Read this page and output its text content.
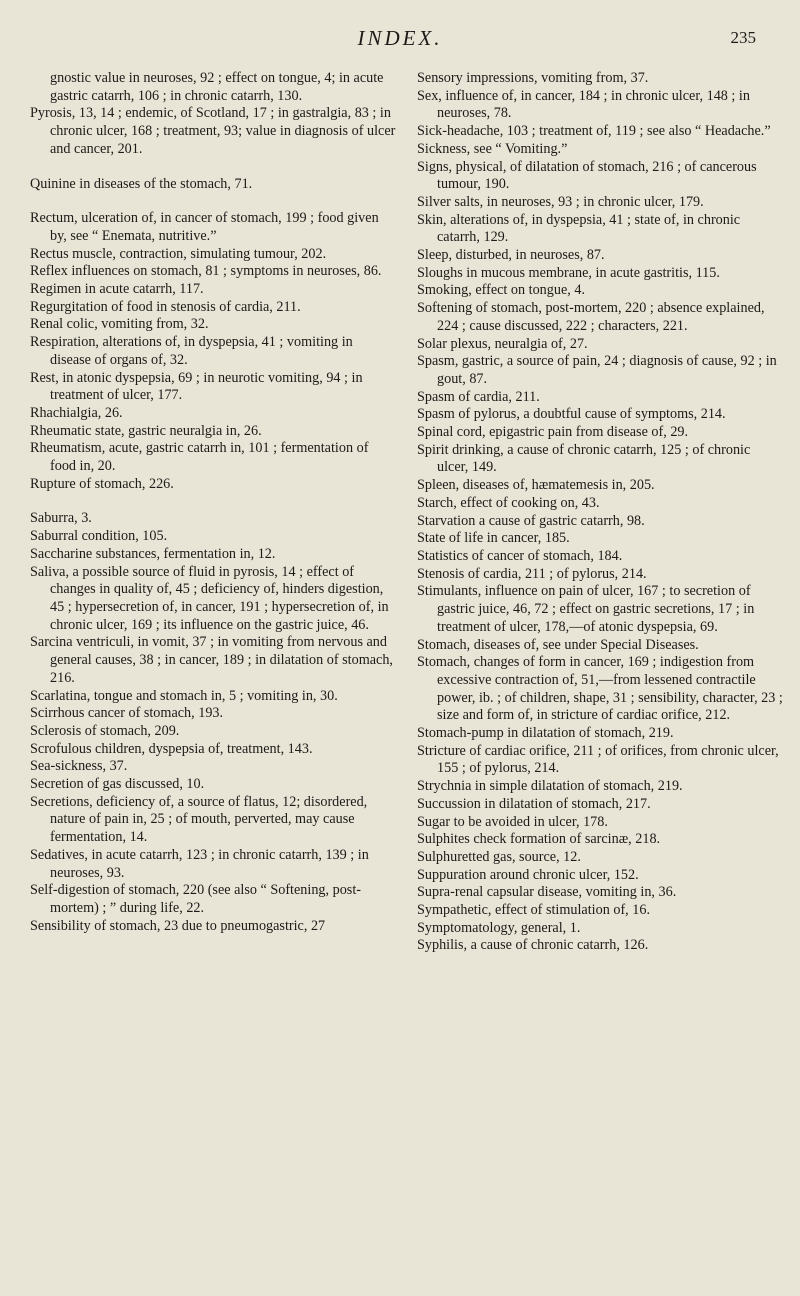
INDEX.	235

gnostic value in neuroses, 92 ; effect on tongue, 4; in acute gastric catarrh, 106 ; in chronic catarrh, 130.

Pyrosis, 13, 14 ; endemic, of Scotland, 17 ; in gastralgia, 83 ; in chronic ulcer, 168 ; treatment, 93; value in diagnosis of ulcer and cancer, 201.

Quinine in diseases of the stomach, 71.

Rectum, ulceration of, in cancer of stomach, 199 ; food given by, see “ Enemata, nutritive.”

Rectus muscle, contraction, simulating tumour, 202.

Reflex influences on stomach, 81 ; symptoms in neuroses, 86.

Regimen in acute catarrh, 117.

Regurgitation of food in stenosis of cardia, 211.

Renal colic, vomiting from, 32.

Respiration, alterations of, in dyspepsia, 41 ; vomiting in disease of organs of, 32.

Rest, in atonic dyspepsia, 69 ; in neurotic vomiting, 94 ; in treatment of ulcer, 177.

Rhachialgia, 26.

Rheumatic state, gastric neuralgia in, 26.

Rheumatism, acute, gastric catarrh in, 101 ; fermentation of food in, 20.

Rupture of stomach, 226.

Saburra, 3.

Saburral condition, 105.

Saccharine substances, fermentation in, 12.

Saliva, a possible source of fluid in pyrosis, 14 ; effect of changes in quality of, 45 ; deficiency of, hinders digestion, 45 ; hypersecretion of, in cancer, 191 ; hypersecretion of, in chronic ulcer, 169 ; its influence on the gastric juice, 46.

Sarcina ventriculi, in vomit, 37 ; in vomiting from nervous and general causes, 38 ; in cancer, 189 ; in dilatation of stomach, 216.

Scarlatina, tongue and stomach in, 5 ; vomiting in, 30.

Scirrhous cancer of stomach, 193.

Sclerosis of stomach, 209.

Scrofulous children, dyspepsia of, treatment, 143.

Sea-sickness, 37.

Secretion of gas discussed, 10.

Secretions, deficiency of, a source of flatus, 12; disordered, nature of pain in, 25 ; of mouth, perverted, may cause fermentation, 14.

Sedatives, in acute catarrh, 123 ; in chronic catarrh, 139 ; in neuroses, 93.

Self-digestion of stomach, 220 (see also “ Softening, post-mortem) ; ” during life, 22.

Sensibility of stomach, 23 due to pneumogastric, 27

Sensory impressions, vomiting from, 37.

Sex, influence of, in cancer, 184 ; in chronic ulcer, 148 ; in neuroses, 78.

Sick-headache, 103 ; treatment of, 119 ; see also “ Headache.”

Sickness, see “ Vomiting.”

Signs, physical, of dilatation of stomach, 216 ; of cancerous tumour, 190.

Silver salts, in neuroses, 93 ; in chronic ulcer, 179.

Skin, alterations of, in dyspepsia, 41 ; state of, in chronic catarrh, 129.

Sleep, disturbed, in neuroses, 87.

Sloughs in mucous membrane, in acute gastritis, 115.

Smoking, effect on tongue, 4.

Softening of stomach, post-mortem, 220 ; absence explained, 224 ; cause discussed, 222 ; characters, 221.

Solar plexus, neuralgia of, 27.

Spasm, gastric, a source of pain, 24 ; diagnosis of cause, 92 ; in gout, 87.

Spasm of cardia, 211.

Spasm of pylorus, a doubtful cause of symptoms, 214.

Spinal cord, epigastric pain from disease of, 29.

Spirit drinking, a cause of chronic catarrh, 125 ; of chronic ulcer, 149.

Spleen, diseases of, hæmatemesis in, 205.

Starch, effect of cooking on, 43.

Starvation a cause of gastric catarrh, 98.

State of life in cancer, 185.

Statistics of cancer of stomach, 184.

Stenosis of cardia, 211 ; of pylorus, 214.

Stimulants, influence on pain of ulcer, 167 ; to secretion of gastric juice, 46, 72 ; effect on gastric secretions, 17 ; in treatment of ulcer, 178,—of atonic dyspepsia, 69.

Stomach, diseases of, see under Special Diseases.

Stomach, changes of form in cancer, 169 ; indigestion from excessive contraction of, 51,—from lessened contractile power, ib. ; of children, shape, 31 ; sensibility, character, 23 ; size and form of, in stricture of cardiac orifice, 212.

Stomach-pump in dilatation of stomach, 219.

Stricture of cardiac orifice, 211 ; of orifices, from chronic ulcer, 155 ; of pylorus, 214.

Strychnia in simple dilatation of stomach, 219.

Succussion in dilatation of stomach, 217.

Sugar to be avoided in ulcer, 178.

Sulphites check formation of sarcinæ, 218.

Sulphuretted gas, source, 12.

Suppuration around chronic ulcer, 152.

Supra-renal capsular disease, vomiting in, 36.

Sympathetic, effect of stimulation of, 16.

Symptomatology, general, 1.

Syphilis, a cause of chronic catarrh, 126.
